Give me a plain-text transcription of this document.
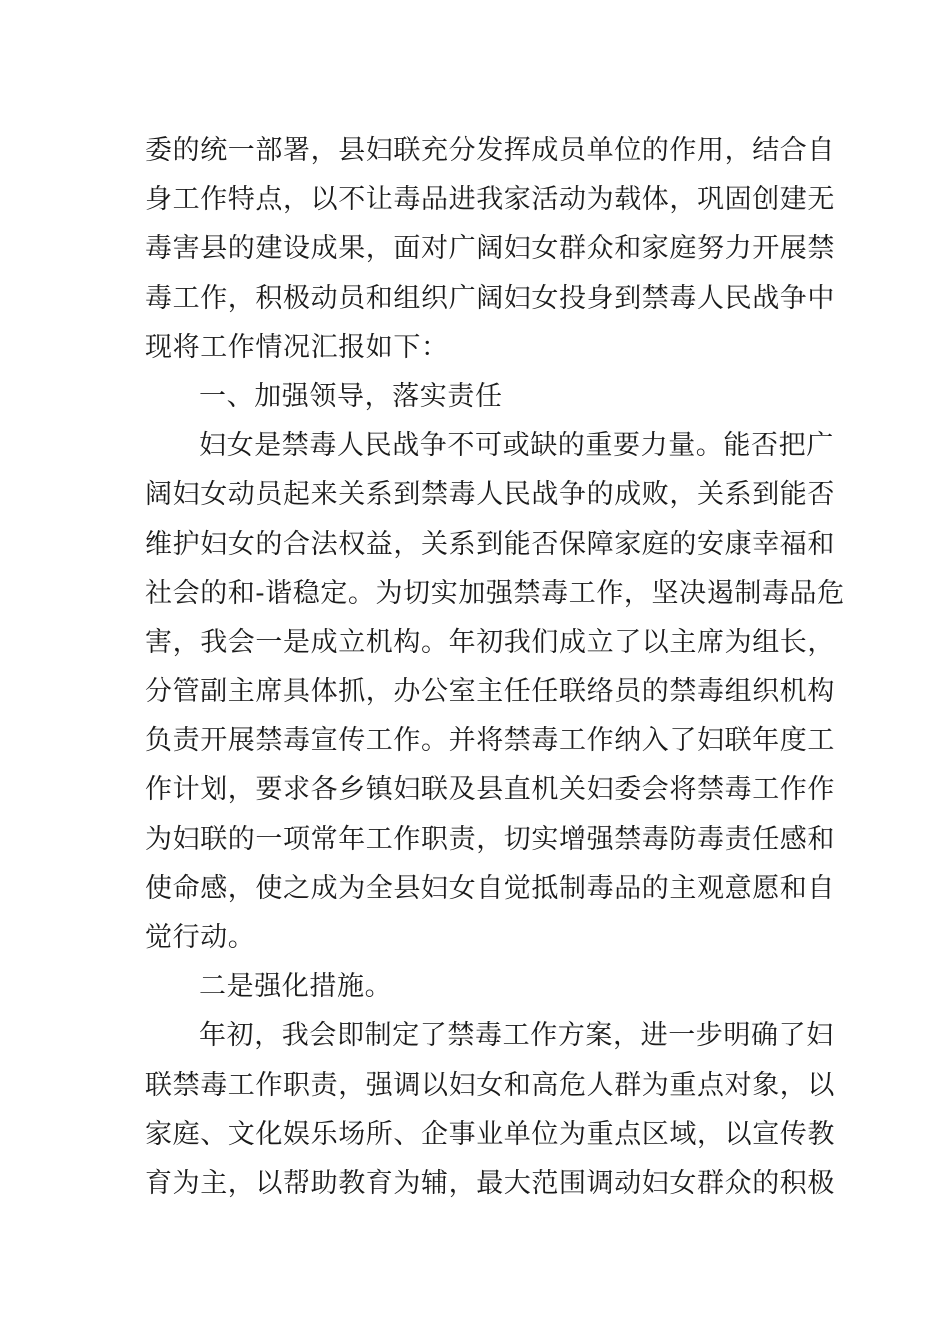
委的统一部署，县妇联充分发挥成员单位的作用，结合自
身工作特点，以不让毒品进我家活动为载体，巩固创建无
毒害县的建设成果，面对广阔妇女群众和家庭努力开展禁
毒工作，积极动员和组织广阔妇女投身到禁毒人民战争中
现将工作情况汇报如下：
一、加强领导，落实责任
妇女是禁毒人民战争不可或缺的重要力量。能否把广
阔妇女动员起来关系到禁毒人民战争的成败，关系到能否
维护妇女的合法权益，关系到能否保障家庭的安康幸福和
社会的和-谐稳定。为切实加强禁毒工作，坚决遏制毒品危
害，我会一是成立机构。年初我们成立了以主席为组长，
分管副主席具体抓，办公室主任任联络员的禁毒组织机构
负责开展禁毒宣传工作。并将禁毒工作纳入了妇联年度工
作计划，要求各乡镇妇联及县直机关妇委会将禁毒工作作
为妇联的一项常年工作职责，切实增强禁毒防毒责任感和
使命感，使之成为全县妇女自觉抵制毒品的主观意愿和自
觉行动。
二是强化措施。
年初，我会即制定了禁毒工作方案，进一步明确了妇
联禁毒工作职责，强调以妇女和高危人群为重点对象，以
家庭、文化娱乐场所、企事业单位为重点区域，以宣传教
育为主，以帮助教育为辅，最大范围调动妇女群众的积极
